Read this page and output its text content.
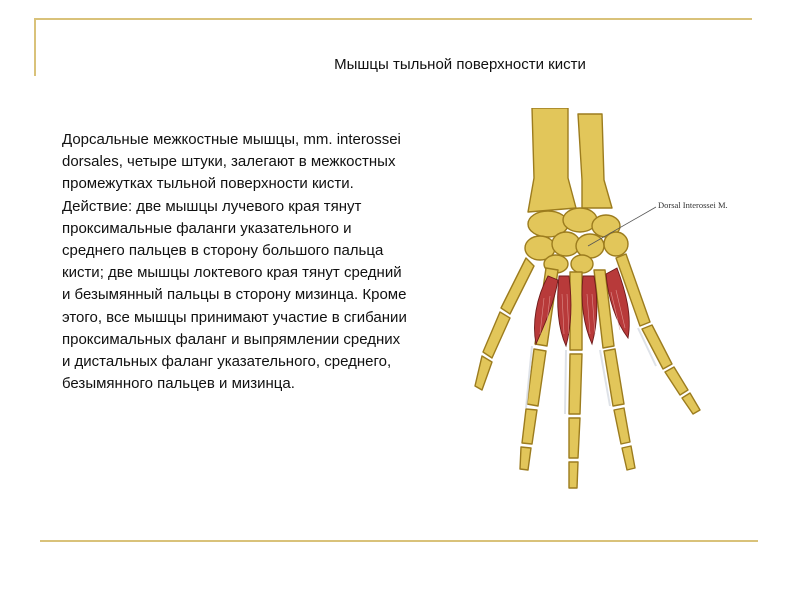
Мышцы тыльной поверхности кисти

Дорсальные межкостные мышцы, mm. interossei dorsales, четыре штуки, залегают в межкостных промежутках тыльной поверхности кисти.

Действие: две мышцы лучевого края тянут проксимальные фаланги указательного и среднего пальцев в сторону большого пальца кисти; две мышцы локтевого края тянут средний и безымянный пальцы в сторону мизинца. Кроме этого, все мышцы принимают участие в сгибании проксимальных фаланг и выпрямлении средних и дистальных фаланг указательного, среднего, безымянного пальцев и мизинца.

Dorsal Interossei M.
